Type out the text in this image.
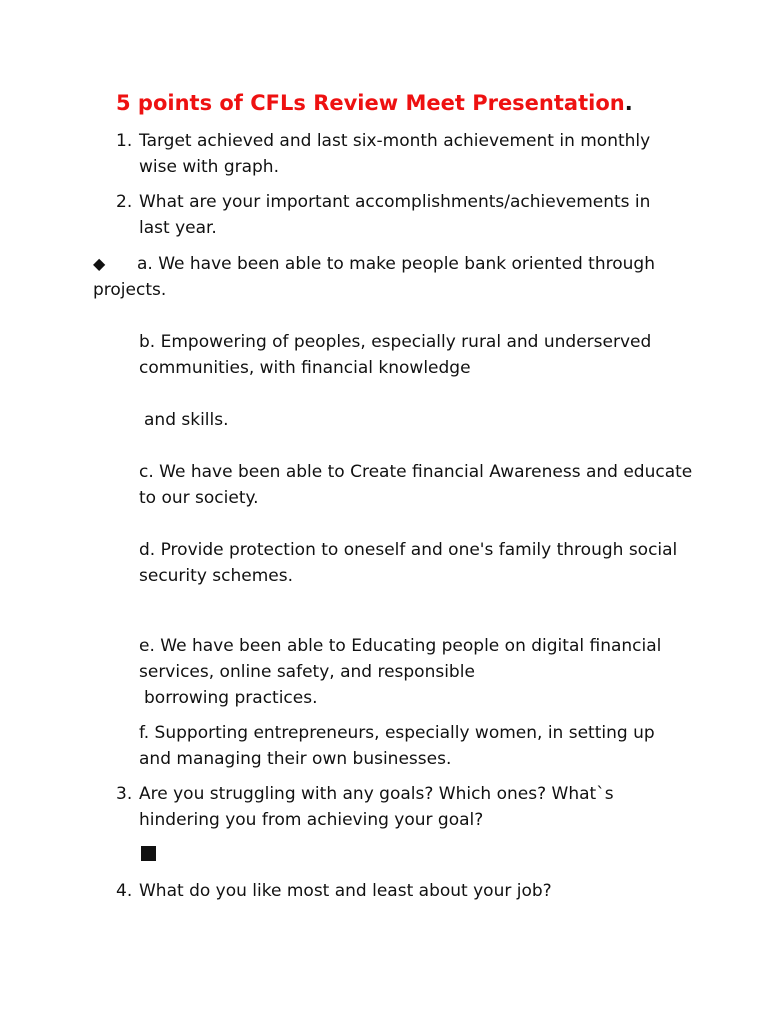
5 points of CFLs Review Meet Presentation.
1. Target achieved and last six-month achievement in monthly wise with graph.
2. What are your important accomplishments/achievements in last year.
◆ a. We have been able to make people bank oriented through projects.
b. Empowering of peoples, especially rural and underserved communities, with financial knowledge
and skills.
c. We have been able to Create financial Awareness and educate to our society.
d. Provide protection to oneself and one's family through social security schemes.
e. We have been able to Educating people on digital financial services, online safety, and responsible
borrowing practices.
f. Supporting entrepreneurs, especially women, in setting up and managing their own businesses.
3. Are you struggling with any goals? Which ones? What`s hindering you from achieving your goal?
4. What do you like most and least about your job?
